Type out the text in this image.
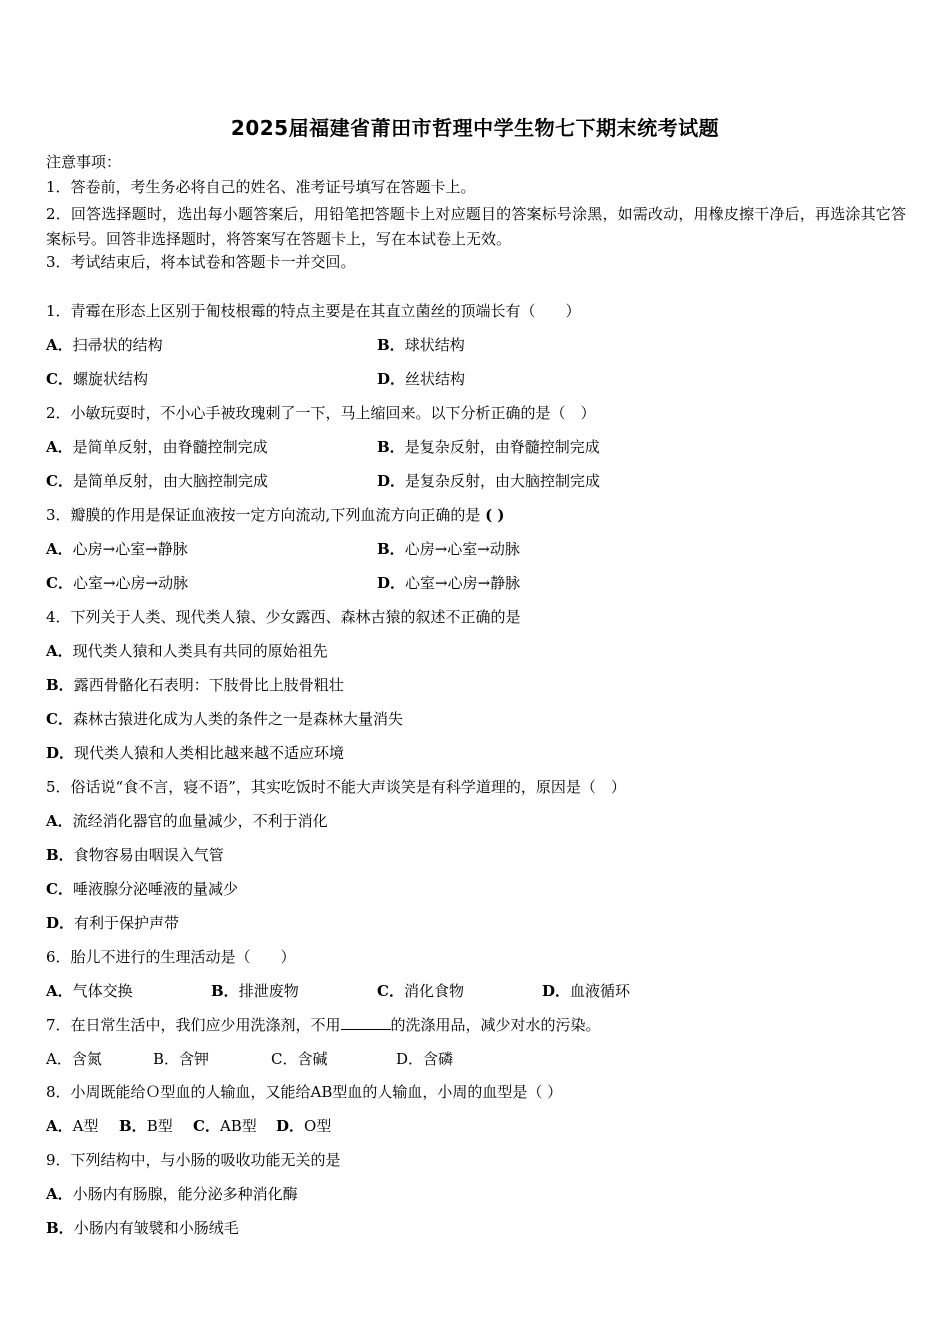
2025届福建省莆田市哲理中学生物七下期末统考试题
注意事项：
1．答卷前，考生务必将自己的姓名、准考证号填写在答题卡上。
2．回答选择题时，选出每小题答案后，用铅笔把答题卡上对应题目的答案标号涂黑，如需改动，用橡皮擦干净后，再选涂其它答案标号。回答非选择题时，将答案写在答题卡上，写在本试卷上无效。
3．考试结束后，将本试卷和答题卡一并交回。
1．青霉在形态上区别于匍枝根霉的特点主要是在其直立菌丝的顶端长有（　　）
A．扫帚状的结构	B．球状结构
C．螺旋状结构	D．丝状结构
2．小敏玩耍时，不小心手被玫瑰刺了一下，马上缩回来。以下分析正确的是（　）
A．是简单反射，由脊髓控制完成	B．是复杂反射，由脊髓控制完成
C．是简单反射，由大脑控制完成	D．是复杂反射，由大脑控制完成
3．瓣膜的作用是保证血液按一定方向流动,下列血流方向正确的是 ( )
A．心房→心室→静脉	B．心房→心室→动脉
C．心室→心房→动脉	D．心室→心房→静脉
4．下列关于人类、现代类人猿、少女露西、森林古猿的叙述不正确的是
A．现代类人猿和人类具有共同的原始祖先
B．露西骨骼化石表明：下肢骨比上肢骨粗壮
C．森林古猿进化成为人类的条件之一是森林大量消失
D．现代类人猿和人类相比越来越不适应环境
5．俗话说“食不言，寝不语”，其实吃饭时不能大声谈笑是有科学道理的，原因是（　）
A．流经消化器官的血量减少，不利于消化
B．食物容易由咽误入气管
C．唾液腺分泌唾液的量减少
D．有利于保护声带
6．胎儿不进行的生理活动是（　　）
A．气体交换	B．排泄废物	C．消化食物	D．血液循环
7．在日常生活中，我们应少用洗涤剂，不用	的洗涤用品，减少对水的污染。
A．含氮	B．含钾	C．含碱	D．含磷
8．小周既能给Ｏ型血的人输血，又能给AB型血的人输血，小周的血型是（ ）
A．A型 B．B型 C．AB型 D．O型
9．下列结构中，与小肠的吸收功能无关的是
A．小肠内有肠腺，能分泌多种消化酶
B．小肠内有皱襞和小肠绒毛
